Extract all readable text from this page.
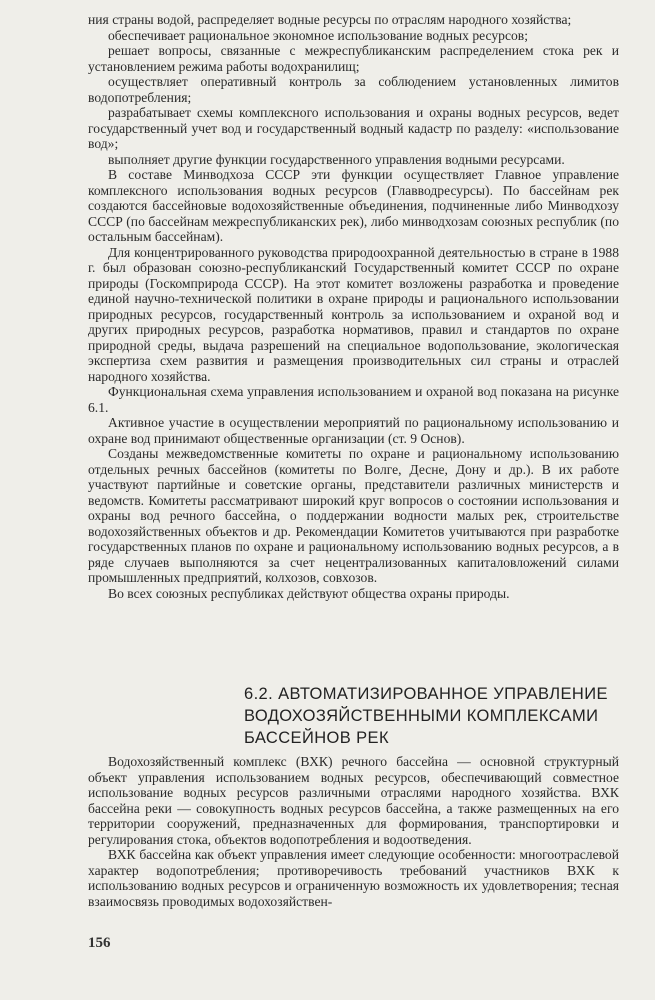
ния страны водой, распределяет водные ресурсы по отраслям народного хозяйства;

обеспечивает рациональное экономное использование водных ресурсов;

решает вопросы, связанные с межреспубликанским распределением стока рек и установлением режима работы водохранилищ;

осуществляет оперативный контроль за соблюдением установленных лимитов водопотребления;

разрабатывает схемы комплексного использования и охраны водных ресурсов, ведет государственный учет вод и государственный водный кадастр по разделу: «использование вод»;

выполняет другие функции государственного управления водными ресурсами.

В составе Минводхоза СССР эти функции осуществляет Главное управление комплексного использования водных ресурсов (Главводресурсы). По бассейнам рек создаются бассейновые водохозяйственные объединения, подчиненные либо Минводхозу СССР (по бассейнам межреспубликанских рек), либо минводхозам союзных республик (по остальным бассейнам).

Для концентрированного руководства природоохранной деятельностью в стране в 1988 г. был образован союзно-республиканский Государственный комитет СССР по охране природы (Госкомприрода СССР). На этот комитет возложены разработка и проведение единой научно-технической политики в охране природы и рационального использовании природных ресурсов, государственный контроль за использованием и охраной вод и других природных ресурсов, разработка нормативов, правил и стандартов по охране природной среды, выдача разрешений на специальное водопользование, экологическая экспертиза схем развития и размещения производительных сил страны и отраслей народного хозяйства.

Функциональная схема управления использованием и охраной вод показана на рисунке 6.1.

Активное участие в осуществлении мероприятий по рациональному использованию и охране вод принимают общественные организации (ст. 9 Основ).

Созданы межведомственные комитеты по охране и рациональному использованию отдельных речных бассейнов (комитеты по Волге, Десне, Дону и др.). В их работе участвуют партийные и советские органы, представители различных министерств и ведомств. Комитеты рассматривают широкий круг вопросов о состоянии использования и охраны вод речного бассейна, о поддержании водности малых рек, строительстве водохозяйственных объектов и др. Рекомендации Комитетов учитываются при разработке государственных планов по охране и рациональному использованию водных ресурсов, а в ряде случаев выполняются за счет нецентрализованных капиталовложений силами промышленных предприятий, колхозов, совхозов.

Во всех союзных республиках действуют общества охраны природы.

6.2. АВТОМАТИЗИРОВАННОЕ УПРАВЛЕНИЕ
ВОДОХОЗЯЙСТВЕННЫМИ КОМПЛЕКСАМИ
БАССЕЙНОВ РЕК

Водохозяйственный комплекс (ВХК) речного бассейна — основной структурный объект управления использованием водных ресурсов, обеспечивающий совместное использование водных ресурсов различными отраслями народного хозяйства. ВХК бассейна реки — совокупность водных ресурсов бассейна, а также размещенных на его территории сооружений, предназначенных для формирования, транспортировки и регулирования стока, объектов водопотребления и водоотведения.

ВХК бассейна как объект управления имеет следующие особенности: многоотраслевой характер водопотребления; противоречивость требований участников ВХК к использованию водных ресурсов и ограниченную возможность их удовлетворения; тесная взаимосвязь проводимых водохозяйствен-

156
